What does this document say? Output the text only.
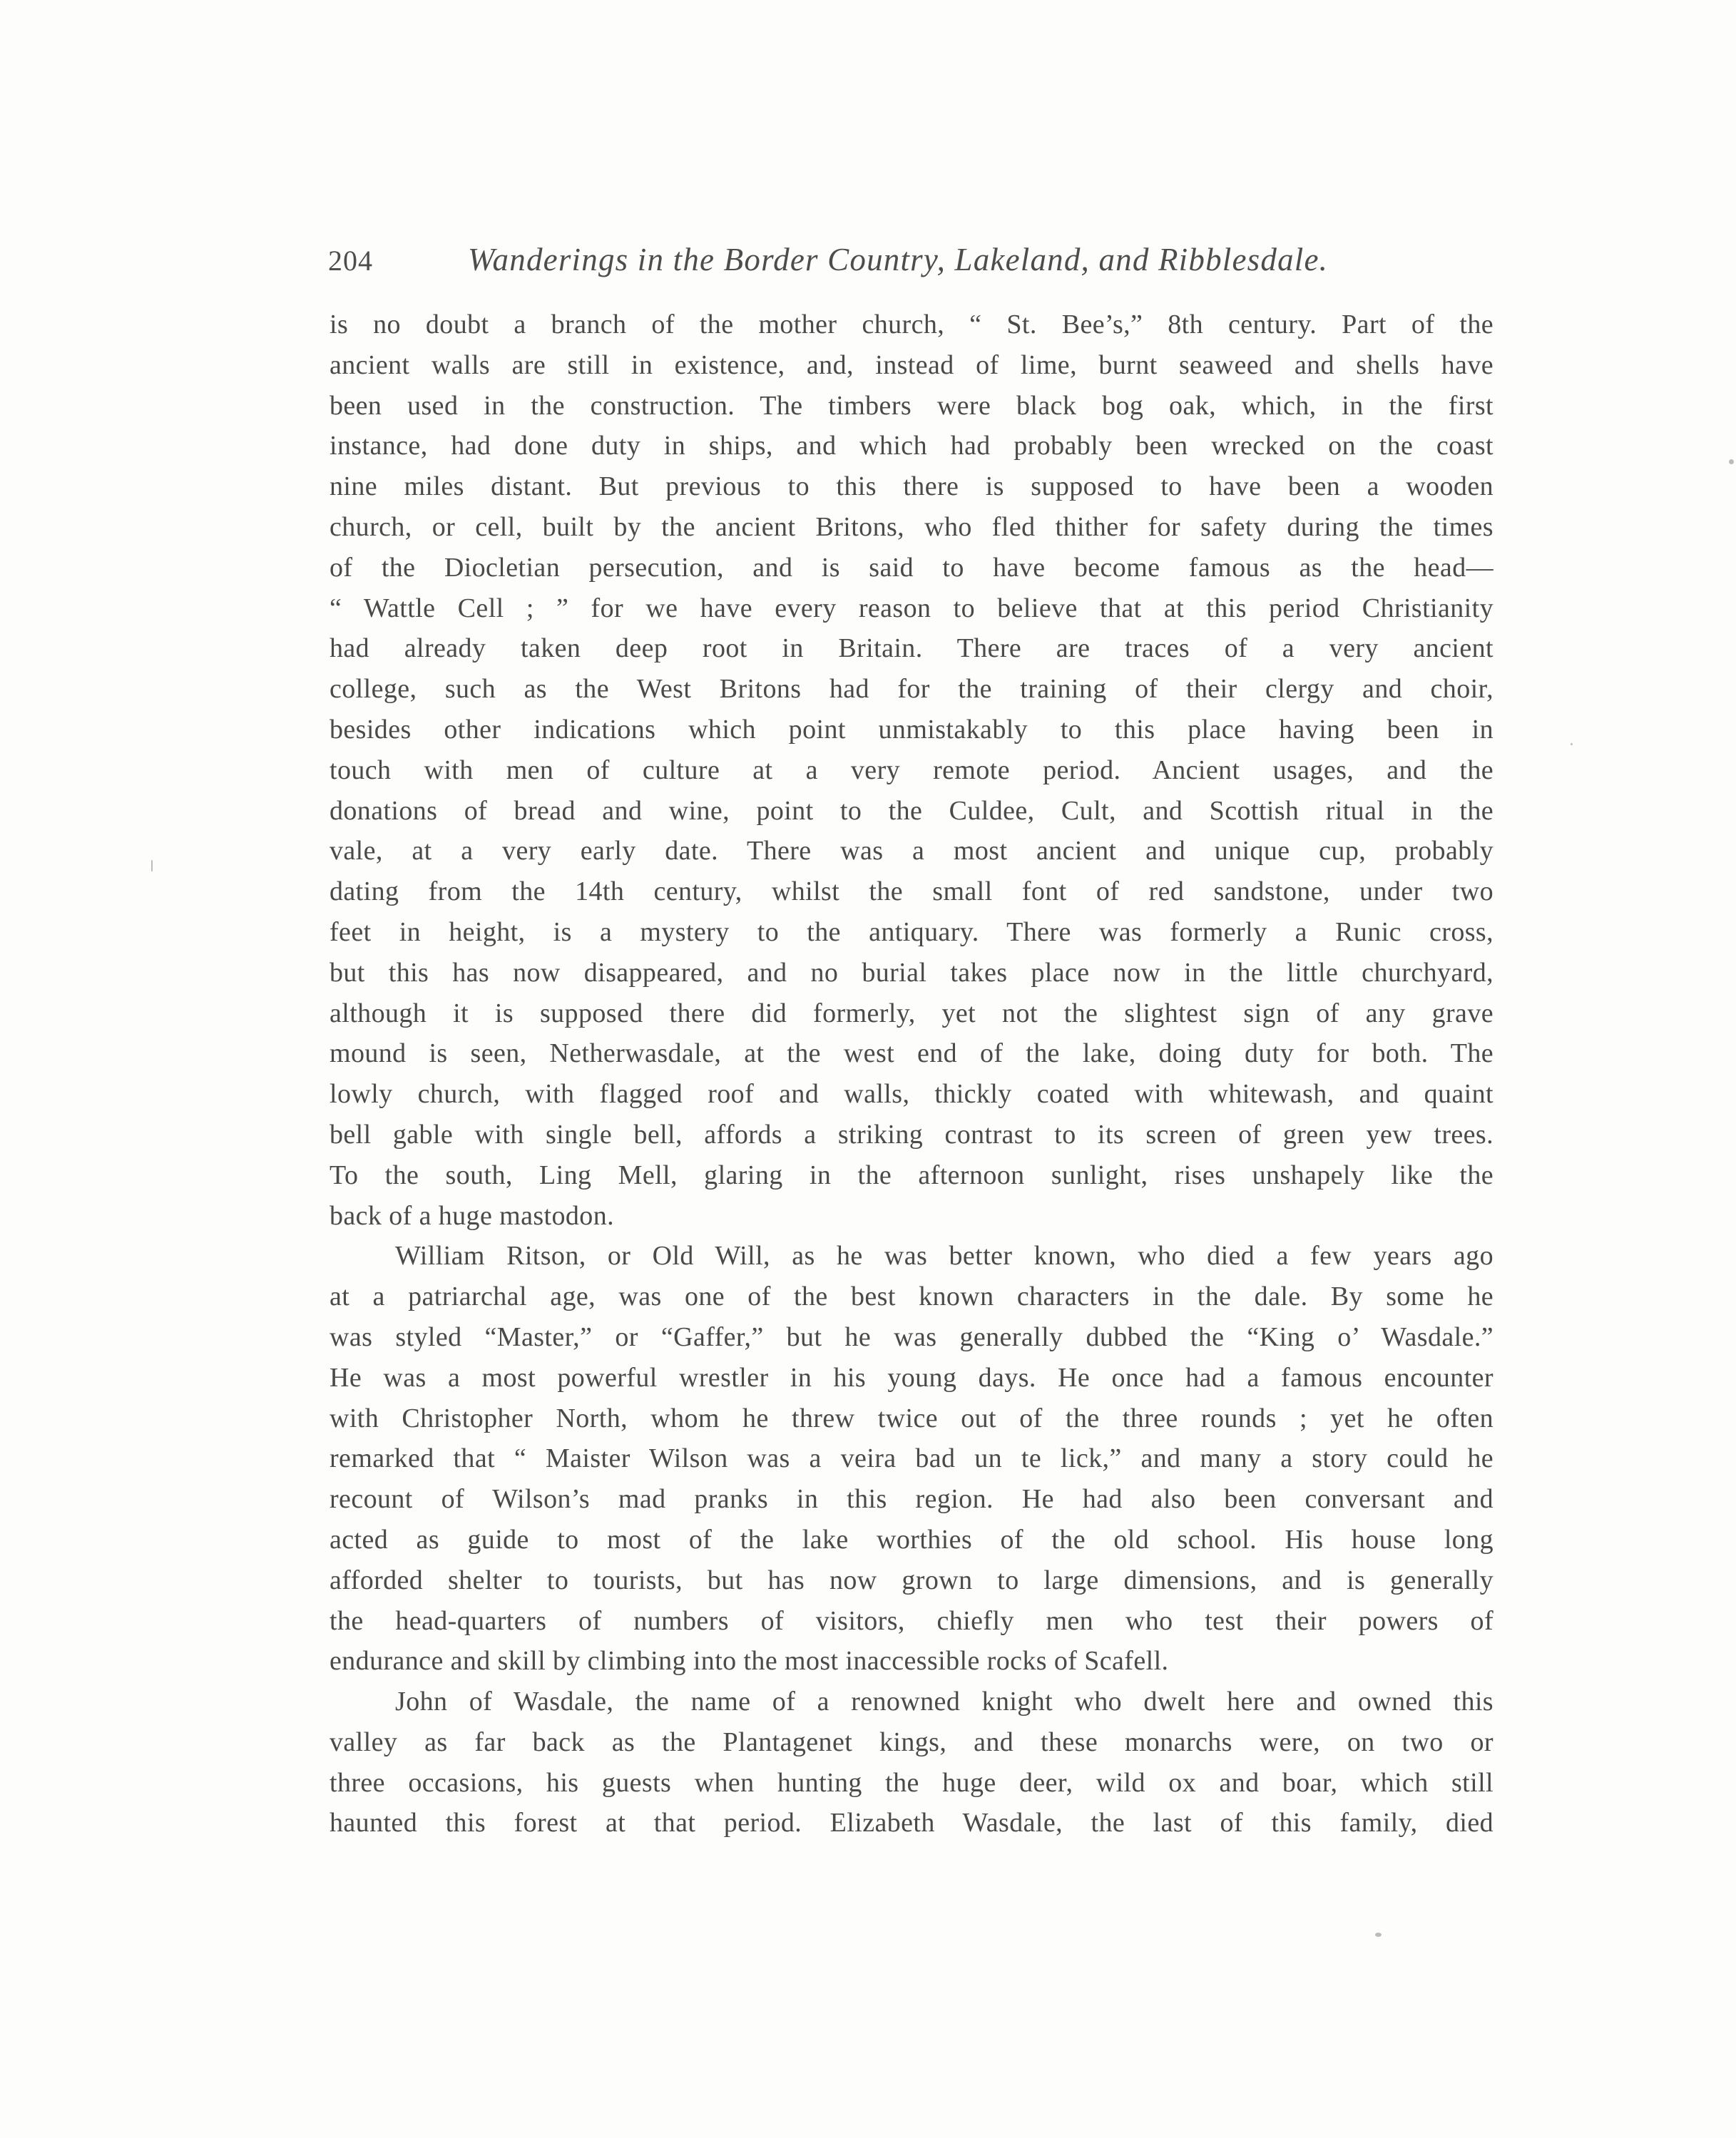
204	Wanderings in the Border Country, Lakeland, and Ribblesdale.
is no doubt a branch of the mother church, “ St. Bee’s,” 8th century. Part of the
ancient walls are still in existence, and, instead of lime, burnt seaweed and shells have
been used in the construction. The timbers were black bog oak, which, in the first
instance, had done duty in ships, and which had probably been wrecked on the coast
nine miles distant. But previous to this there is supposed to have been a wooden
church, or cell, built by the ancient Britons, who fled thither for safety during the times
of the Diocletian persecution, and is said to have become famous as the head—
“ Wattle Cell ; ” for we have every reason to believe that at this period Christianity
had already taken deep root in Britain. There are traces of a very ancient
college, such as the West Britons had for the training of their clergy and choir,
besides other indications which point unmistakably to this place having been in
touch with men of culture at a very remote period. Ancient usages, and the
donations of bread and wine, point to the Culdee, Cult, and Scottish ritual in the
vale, at a very early date. There was a most ancient and unique cup, probably
dating from the 14th century, whilst the small font of red sandstone, under two
feet in height, is a mystery to the antiquary. There was formerly a Runic cross,
but this has now disappeared, and no burial takes place now in the little churchyard,
although it is supposed there did formerly, yet not the slightest sign of any grave
mound is seen, Netherwasdale, at the west end of the lake, doing duty for both. The
lowly church, with flagged roof and walls, thickly coated with whitewash, and quaint
bell gable with single bell, affords a striking contrast to its screen of green yew trees.
To the south, Ling Mell, glaring in the afternoon sunlight, rises unshapely like the
back of a huge mastodon.
William Ritson, or Old Will, as he was better known, who died a few years ago
at a patriarchal age, was one of the best known characters in the dale. By some he
was styled “Master,” or “Gaffer,” but he was generally dubbed the “King o’ Wasdale.”
He was a most powerful wrestler in his young days. He once had a famous encounter
with Christopher North, whom he threw twice out of the three rounds ; yet he often
remarked that “ Maister Wilson was a veira bad un te lick,” and many a story could he
recount of Wilson’s mad pranks in this region. He had also been conversant and
acted as guide to most of the lake worthies of the old school. His house long
afforded shelter to tourists, but has now grown to large dimensions, and is generally
the head-quarters of numbers of visitors, chiefly men who test their powers of
endurance and skill by climbing into the most inaccessible rocks of Scafell.
John of Wasdale, the name of a renowned knight who dwelt here and owned this
valley as far back as the Plantagenet kings, and these monarchs were, on two or
three occasions, his guests when hunting the huge deer, wild ox and boar, which still
haunted this forest at that period. Elizabeth Wasdale, the last of this family, died
